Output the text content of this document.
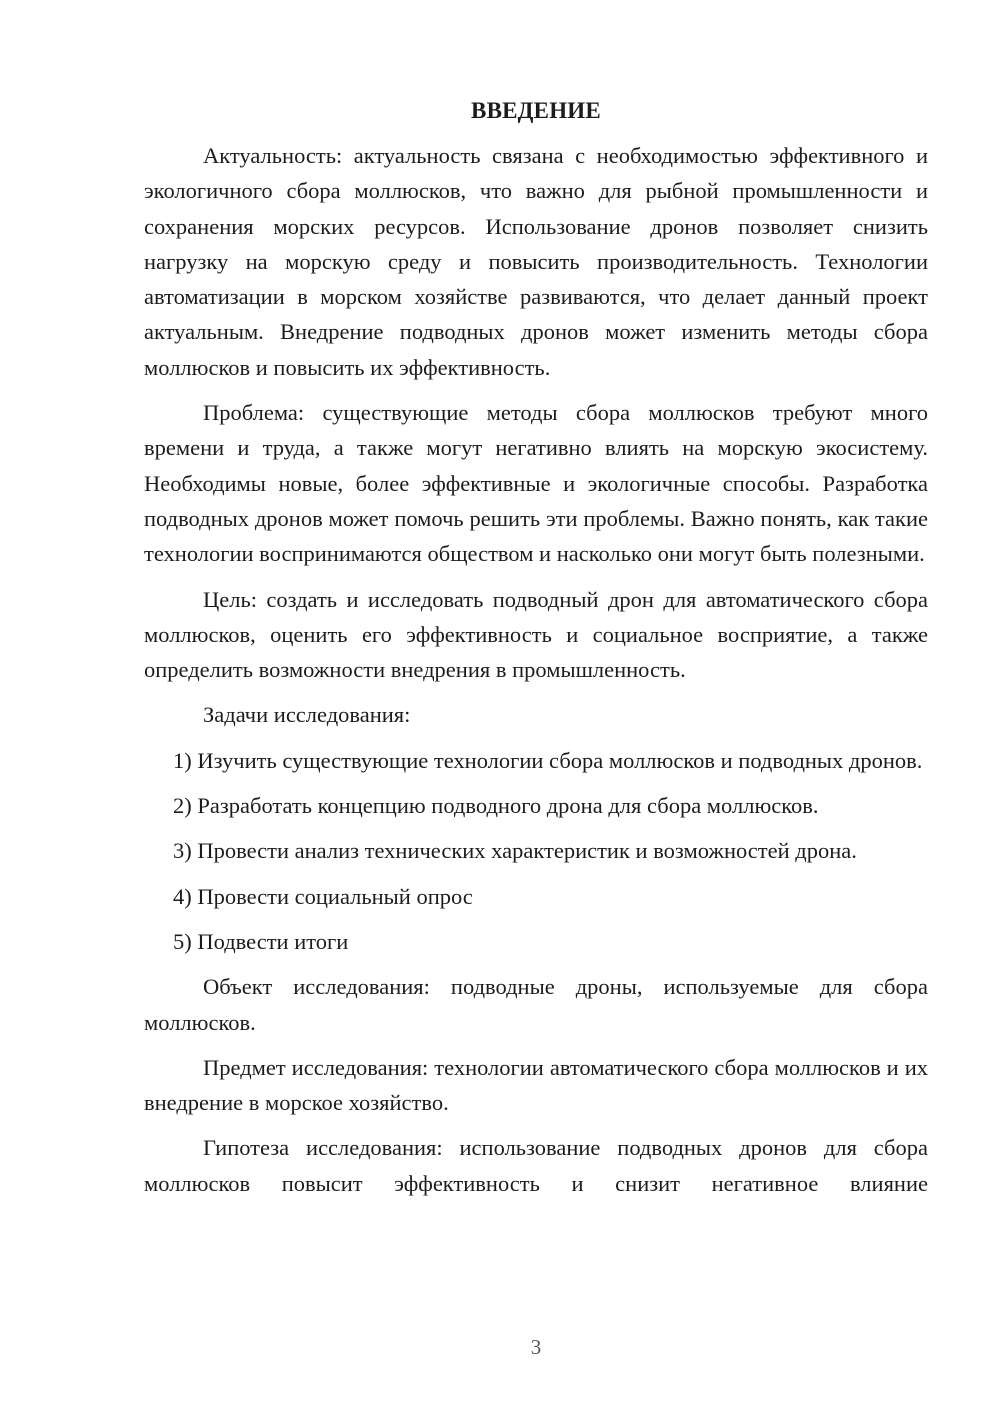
ВВЕДЕНИЕ

Актуальность: актуальность связана с необходимостью эффективного и экологичного сбора моллюсков, что важно для рыбной промышленности и сохранения морских ресурсов. Использование дронов позволяет снизить нагрузку на морскую среду и повысить производительность. Технологии автоматизации в морском хозяйстве развиваются, что делает данный проект актуальным. Внедрение подводных дронов может изменить методы сбора моллюсков и повысить их эффективность.

Проблема: существующие методы сбора моллюсков требуют много времени и труда, а также могут негативно влиять на морскую экосистему. Необходимы новые, более эффективные и экологичные способы. Разработка подводных дронов может помочь решить эти проблемы. Важно понять, как такие технологии воспринимаются обществом и насколько они могут быть полезными.

Цель: создать и исследовать подводный дрон для автоматического сбора моллюсков, оценить его эффективность и социальное восприятие, а также определить возможности внедрения в промышленность.

Задачи исследования:

1) Изучить существующие технологии сбора моллюсков и подводных дронов.

2) Разработать концепцию подводного дрона для сбора моллюсков.

3) Провести анализ технических характеристик и возможностей дрона.

4) Провести социальный опрос

5) Подвести итоги

Объект исследования: подводные дроны, используемые для сбора моллюсков.

Предмет исследования: технологии автоматического сбора моллюсков и их внедрение в морское хозяйство.

Гипотеза исследования: использование подводных дронов для сбора моллюсков повысит эффективность и снизит негативное влияние

3
